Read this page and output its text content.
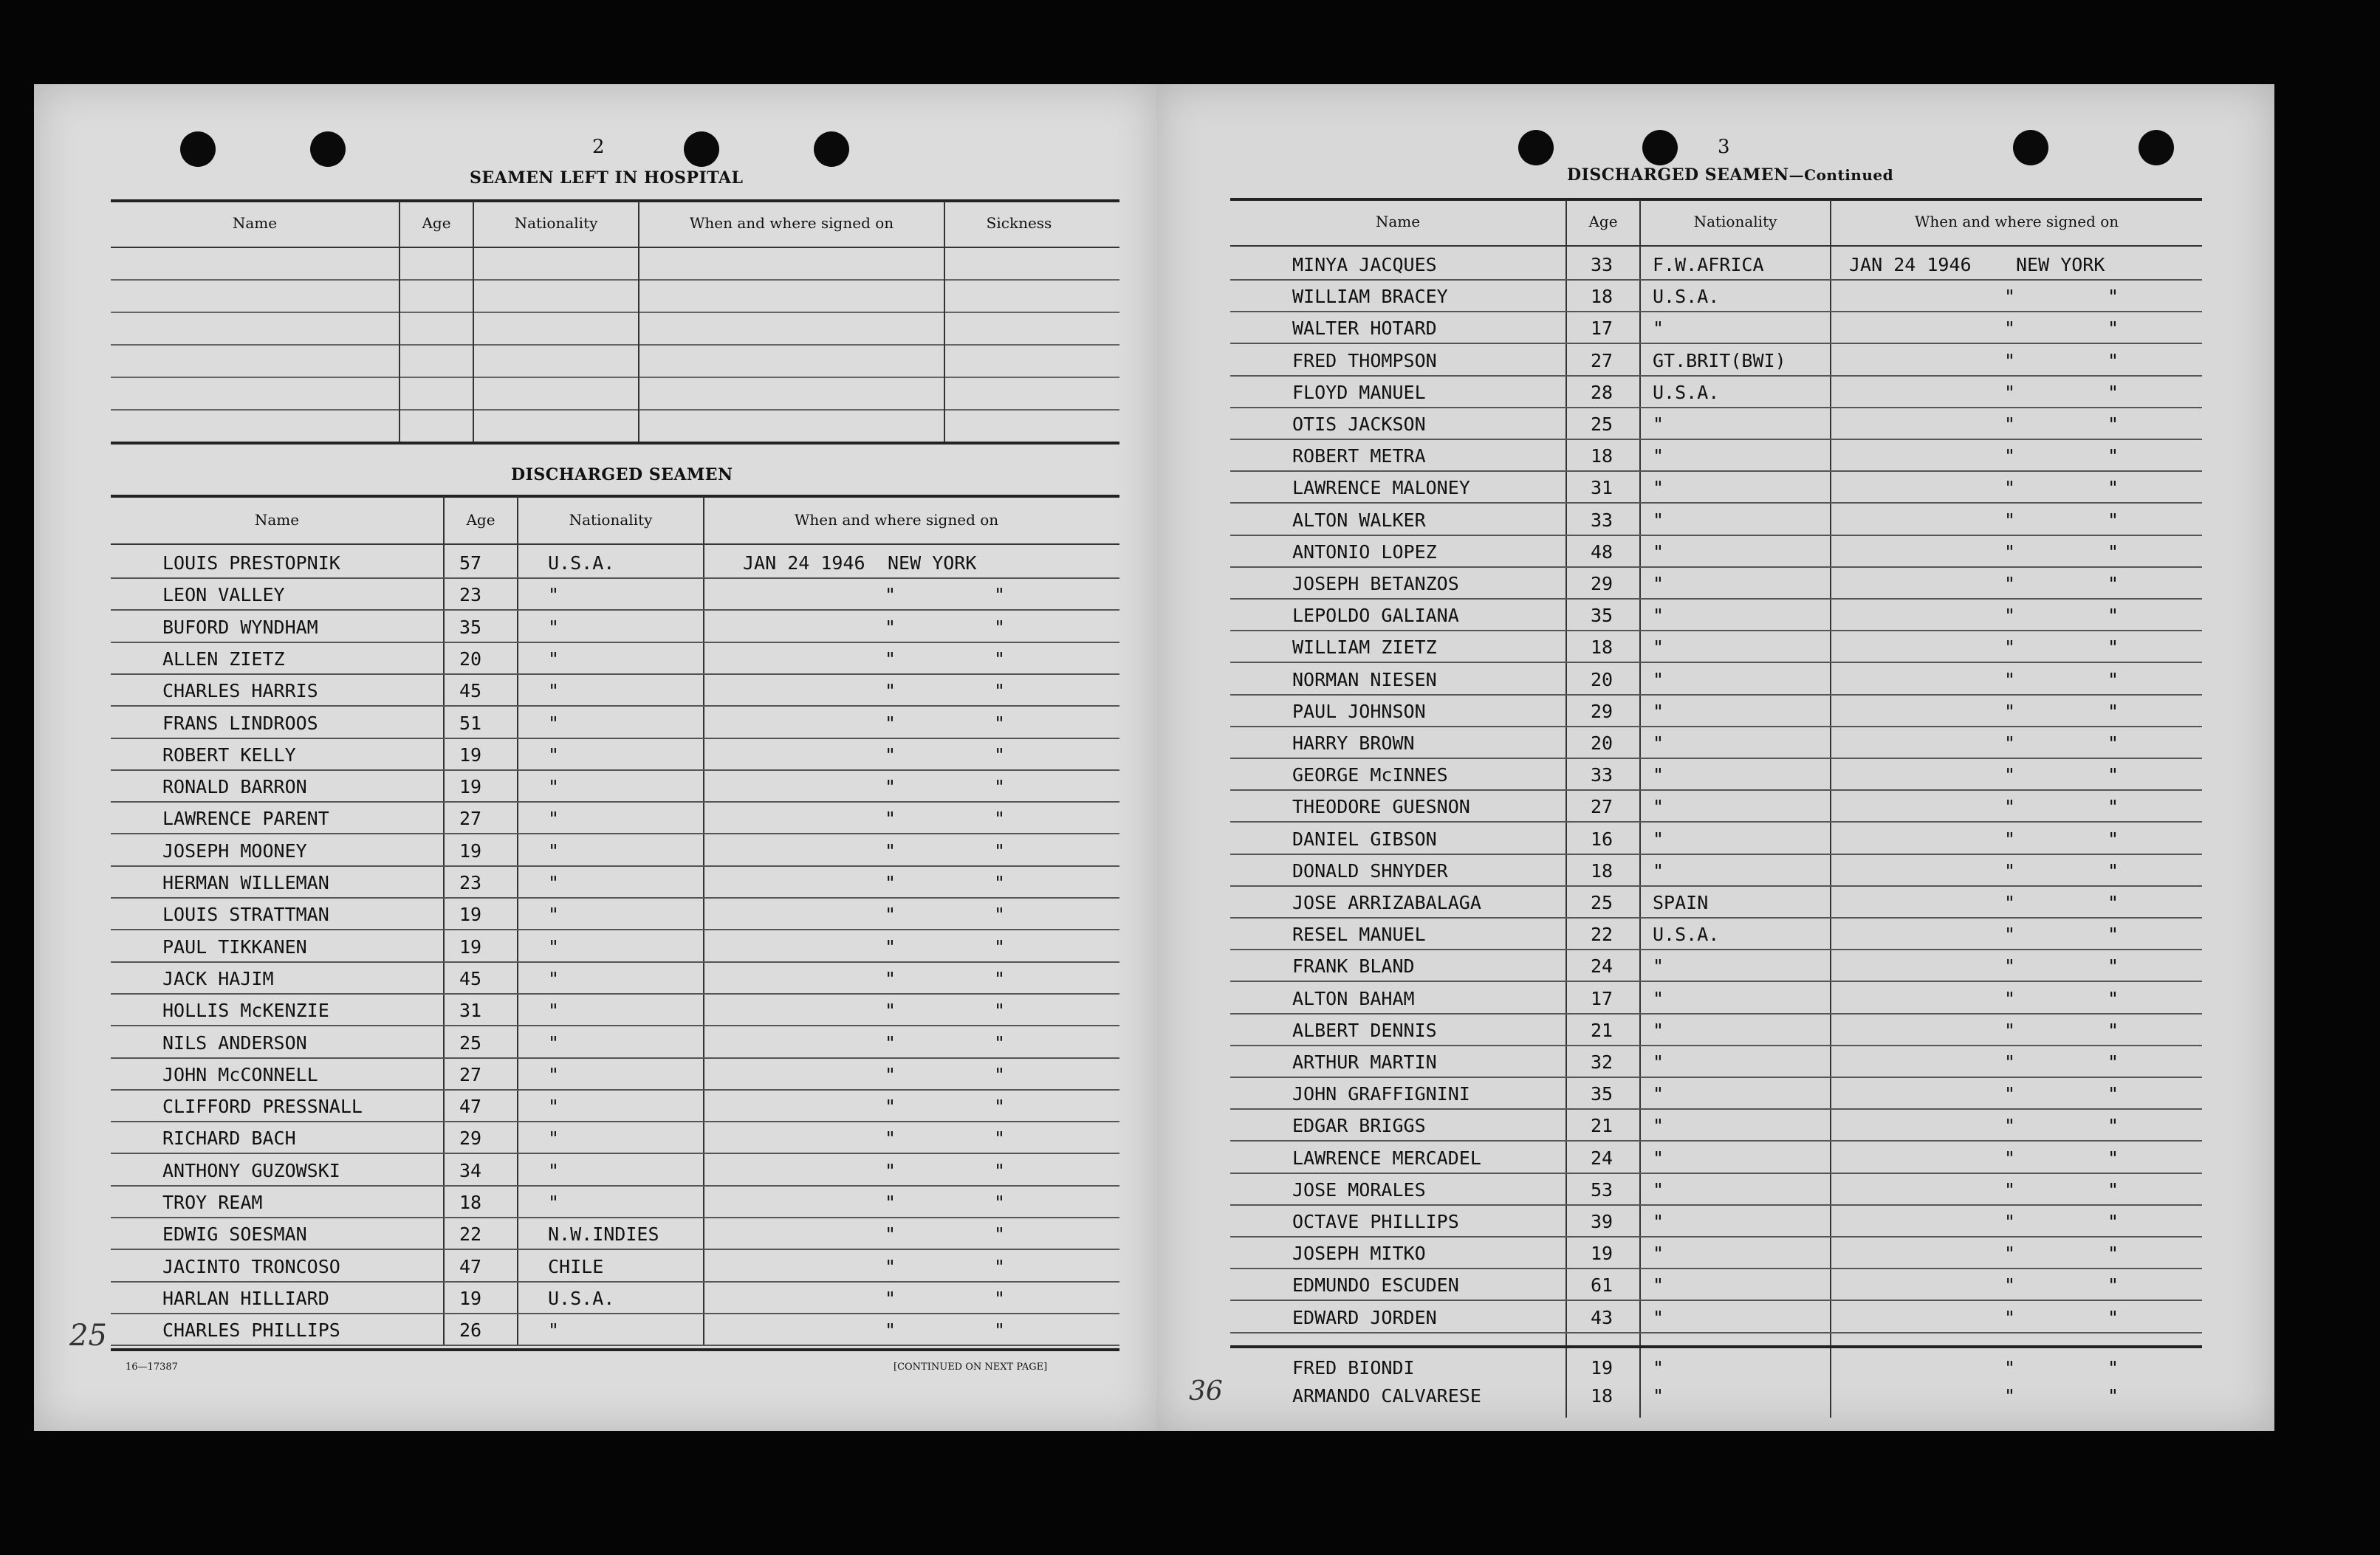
2
SEAMEN LEFT IN HOSPITAL
Name	Age	Nationality	When and where signed on	Sickness
DISCHARGED SEAMEN
Name	Age	Nationality	When and where signed on
LOUIS PRESTOPNIK	57	U.S.A.	JAN 24 1946 NEW YORK
LEON VALLEY	23	"	"	"
BUFORD WYNDHAM	35	"	"	"
ALLEN ZIETZ	20	"	"	"
CHARLES HARRIS	45	"	"	"
FRANS LINDROOS	51	"	"	"
ROBERT KELLY	19	"	"	"
RONALD BARRON	19	"	"	"
LAWRENCE PARENT	27	"	"	"
JOSEPH MOONEY	19	"	"	"
HERMAN WILLEMAN	23	"	"	"
LOUIS STRATTMAN	19	"	"	"
PAUL TIKKANEN	19	"	"	"
JACK HAJIM	45	"	"	"
HOLLIS McKENZIE	31	"	"	"
NILS ANDERSON	25	"	"	"
JOHN McCONNELL	27	"	"	"
CLIFFORD PRESSNALL	47	"	"	"
RICHARD BACH	29	"	"	"
ANTHONY GUZOWSKI	34	"	"	"
TROY REAM	18	"	"	"
EDWIG SOESMAN	22	N.W.INDIES	"	"
JACINTO TRONCOSO	47	CHILE	"	"
HARLAN HILLIARD	19	U.S.A.	"	"
CHARLES PHILLIPS	26	"	"	"
16—17387	[CONTINUED ON NEXT PAGE]
25
3
DISCHARGED SEAMEN—Continued
Name	Age	Nationality	When and where signed on
MINYA JACQUES	33 F.W.AFRICA	JAN 24 1946 NEW YORK
WILLIAM BRACEY	18 U.S.A.	"	"
WALTER HOTARD	17 "	"	"
FRED THOMPSON	27 GT.BRIT(BWI)	"	"
FLOYD MANUEL	28 U.S.A.	"	"
OTIS JACKSON	25 "	"	"
ROBERT METRA	18 "	"	"
LAWRENCE MALONEY	31 "	"	"
ALTON WALKER	33 "	"	"
ANTONIO LOPEZ	48 "	"	"
JOSEPH BETANZOS	29 "	"	"
LEPOLDO GALIANA	35 "	"	"
WILLIAM ZIETZ	18 "	"	"
NORMAN NIESEN	20 "	"	"
PAUL JOHNSON	29 "	"	"
HARRY BROWN	20 "	"	"
GEORGE McINNES	33 "	"	"
THEODORE GUESNON	27 "	"	"
DANIEL GIBSON	16 "	"	"
DONALD SHNYDER	18 "	"	"
JOSE ARRIZABALAGA	25 SPAIN	"	"
RESEL MANUEL	22 U.S.A.	"	"
FRANK BLAND	24 "	"	"
ALTON BAHAM	17 "	"	"
ALBERT DENNIS	21 "	"	"
ARTHUR MARTIN	32 "	"	"
JOHN GRAFFIGNINI	35 "	"	"
EDGAR BRIGGS	21 "	"	"
LAWRENCE MERCADEL	24 "	"	"
JOSE MORALES	53 "	"	"
OCTAVE PHILLIPS	39 "	"	"
JOSEPH MITKO	19 "	"	"
EDMUNDO ESCUDEN	61 "	"	"
EDWARD JORDEN	43 "	"	"
FRED BIONDI	19 "	"	"
ARMANDO CALVARESE	18 "	"	"
36
